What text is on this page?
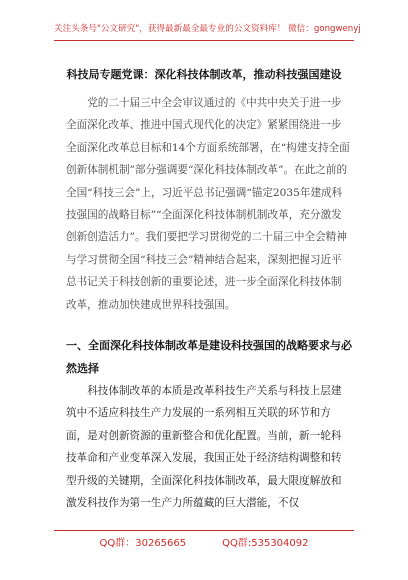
关注头条号"公文研究"，获得最新最全最专业的公文资料库！ 微信：gongwenyj
科技局专题党课：深化科技体制改革，推动科技强国建设
党的二十届三中全会审议通过的《中共中央关于进一步全面深化改革、推进中国式现代化的决定》紧紧围绕进一步全面深化改革总目标和14个方面系统部署，在“构建支持全面创新体制机制”部分强调要“深化科技体制改革”。在此之前的全国“科技三会”上，习近平总书记强调“锚定2035年建成科技强国的战略目标”“全面深化科技体制机制改革，充分激发创新创造活力”。我们要把学习贯彻党的二十届三中全会精神与学习贯彻全国“科技三会”精神结合起来，深刻把握习近平总书记关于科技创新的重要论述，进一步全面深化科技体制改革，推动加快建成世界科技强国。
一、全面深化科技体制改革是建设科技强国的战略要求与必然选择
科技体制改革的本质是改革科技生产关系与科技上层建筑中不适应科技生产力发展的一系列相互关联的环节和方面，是对创新资源的重新整合和优化配置。当前，新一轮科技革命和产业变革深入发展，我国正处于经济结构调整和转型升级的关键期，全面深化科技体制改革，最大限度解放和激发科技作为第一生产力所蕴藏的巨大潜能，不仅
QQ群：30265665	QQ群:535304092
